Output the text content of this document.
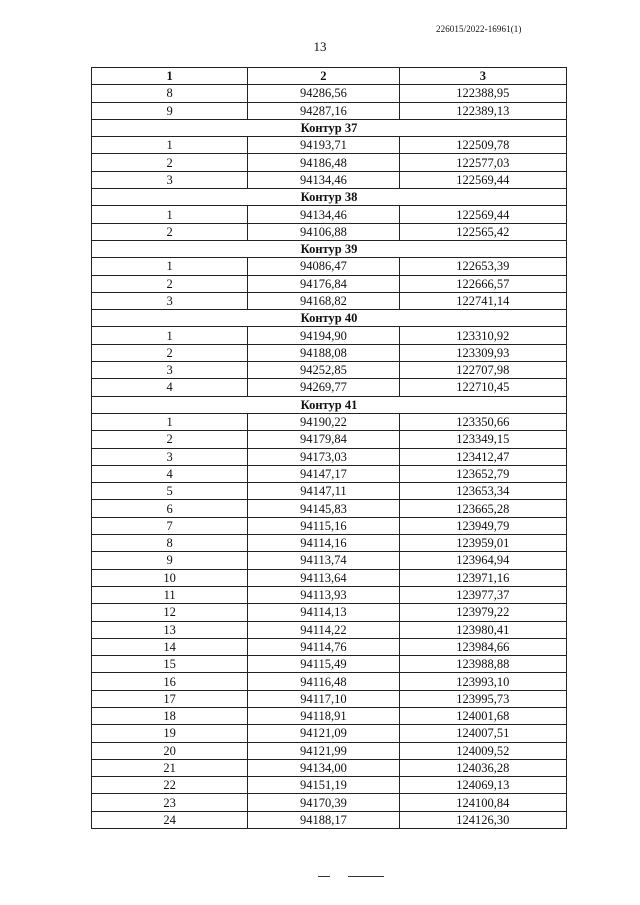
226015/2022-16961(1)
13
1	2	3
8	94286,56	122388,95
9	94287,16	122389,13
Контур 37		
1	94193,71	122509,78
2	94186,48	122577,03
3	94134,46	122569,44
Контур 38		
1	94134,46	122569,44
2	94106,88	122565,42
Контур 39		
1	94086,47	122653,39
2	94176,84	122666,57
3	94168,82	122741,14
Контур 40		
1	94194,90	123310,92
2	94188,08	123309,93
3	94252,85	122707,98
4	94269,77	122710,45
Контур 41		
1	94190,22	123350,66
2	94179,84	123349,15
3	94173,03	123412,47
4	94147,17	123652,79
5	94147,11	123653,34
6	94145,83	123665,28
7	94115,16	123949,79
8	94114,16	123959,01
9	94113,74	123964,94
10	94113,64	123971,16
11	94113,93	123977,37
12	94114,13	123979,22
13	94114,22	123980,41
14	94114,76	123984,66
15	94115,49	123988,88
16	94116,48	123993,10
17	94117,10	123995,73
18	94118,91	124001,68
19	94121,09	124007,51
20	94121,99	124009,52
21	94134,00	124036,28
22	94151,19	124069,13
23	94170,39	124100,84
24	94188,17	124126,30
